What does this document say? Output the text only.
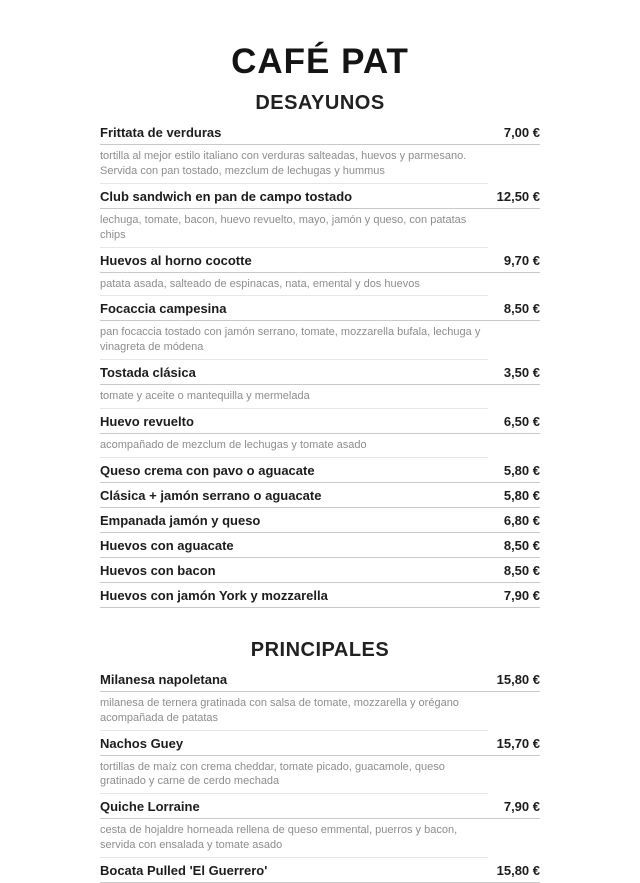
CAFÉ PAT
DESAYUNOS
Frittata de verduras	7,00 €
tortilla al mejor estilo italiano con verduras salteadas, huevos y parmesano. Servida con pan tostado, mezclum de lechugas y hummus
Club sandwich en pan de campo tostado	12,50 €
lechuga, tomate, bacon, huevo revuelto, mayo, jamón y queso, con patatas chips
Huevos al horno cocotte	9,70 €
patata asada, salteado de espinacas, nata, emental y dos huevos
Focaccia campesina	8,50 €
pan focaccia tostado con jamón serrano, tomate, mozzarella bufala, lechuga y vinagreta de módena
Tostada clásica	3,50 €
tomate y aceite o mantequilla y mermelada
Huevo revuelto	6,50 €
acompañado de mezclum de lechugas y tomate asado
Queso crema con pavo o aguacate	5,80 €
Clásica + jamón serrano o aguacate	5,80 €
Empanada jamón y queso	6,80 €
Huevos con aguacate	8,50 €
Huevos con bacon	8,50 €
Huevos con jamón York y mozzarella	7,90 €
PRINCIPALES
Milanesa napoletana	15,80 €
milanesa de ternera gratinada con salsa de tomate, mozzarella y orégano acompañada de patatas
Nachos Guey	15,70 €
tortillas de maíz con crema cheddar, tomate picado, guacamole, queso gratinado y carne de cerdo mechada
Quiche Lorraine	7,90 €
cesta de hojaldre horneada rellena de queso emmental, puerros y bacon, servida con ensalada y tomate asado
Bocata Pulled 'El Guerrero'	15,80 €
